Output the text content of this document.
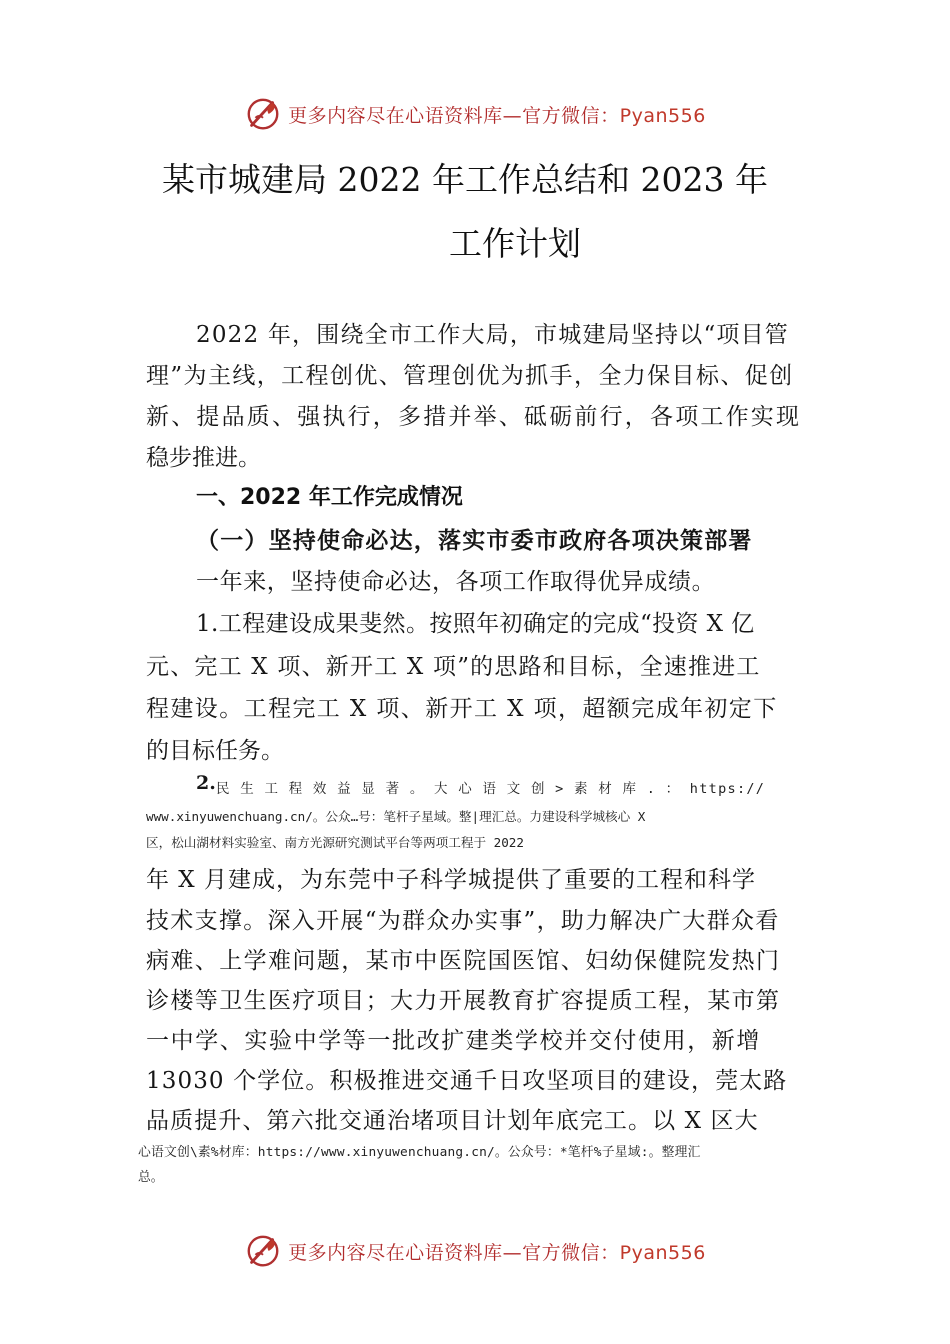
更多内容尽在心语资料库—官方微信：Pyan556
某市城建局 2022 年工作总结和 2023 年
工作计划
2022 年，围绕全市工作大局，市城建局坚持以“项目管
理”为主线，工程创优、管理创优为抓手，全力保目标、促创
新、提品质、强执行，多措并举、砥砺前行，各项工作实现
稳步推进。
一、2022 年工作完成情况
（一）坚持使命必达，落实市委市政府各项决策部署
一年来，坚持使命必达，各项工作取得优异成绩。
1.工程建设成果斐然。按照年初确定的完成“投资 X 亿
元、完工 X 项、新开工 X 项”的思路和目标，全速推进工
程建设。工程完工 X 项、新开工 X 项，超额完成年初定下
的目标任务。
2. 民 生 工 程 效 益 显 著 。 大 心 语 文 创 > 素 材 库 . ： https://
www.xinyuwenchuang.cn/。公众…号：笔杆子星域。整|理汇总。力建设科学城核心 X
区，松山湖材料实验室、南方光源研究测试平台等两项工程于 2022
年 X 月建成，为东莞中子科学城提供了重要的工程和科学
技术支撑。深入开展“为群众办实事”，助力解决广大群众看
病难、上学难问题，某市中医院国医馆、妇幼保健院发热门
诊楼等卫生医疗项目；大力开展教育扩容提质工程，某市第
一中学、实验中学等一批改扩建类学校并交付使用，新增
13030 个学位。积极推进交通千日攻坚项目的建设，莞太路
品质提升、第六批交通治堵项目计划年底完工。以 X 区大
心语文创\素%材库：https://www.xinyuwenchuang.cn/。公众号：*笔杆%子星域:。整理汇
总。
更多内容尽在心语资料库—官方微信：Pyan556
